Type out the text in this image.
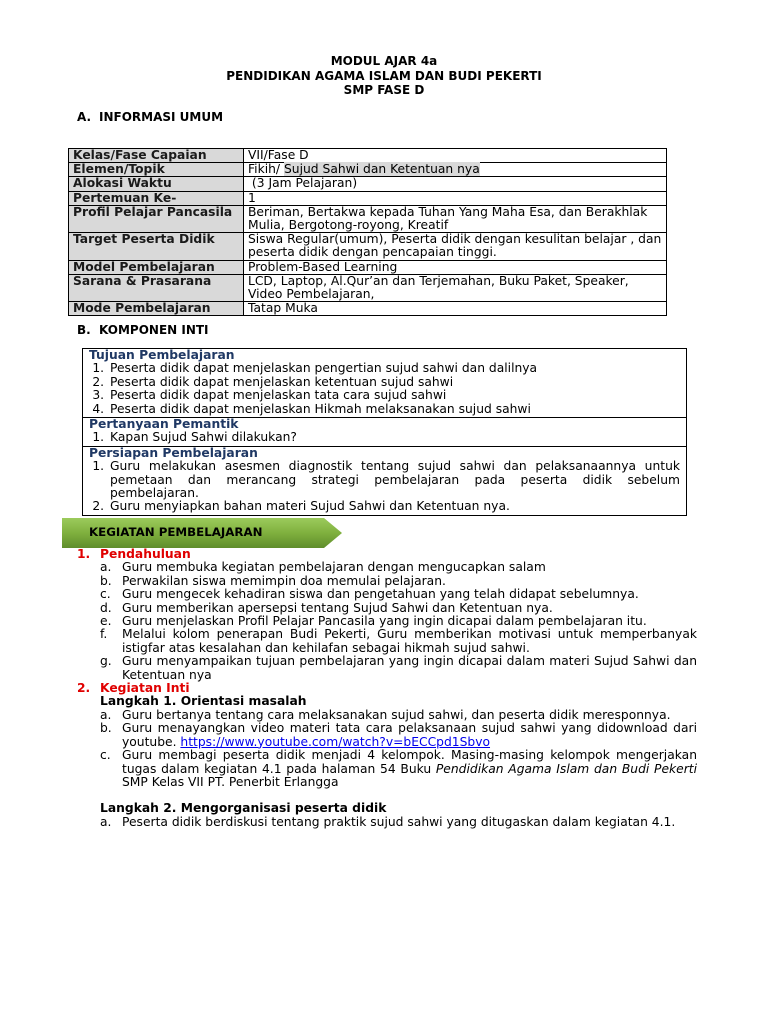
MODUL AJAR 4a
PENDIDIKAN AGAMA ISLAM DAN BUDI PEKERTI
SMP FASE D
A. INFORMASI UMUM
Kelas/Fase Capaian	VII/Fase D
Elemen/Topik	Fikih/ Sujud Sahwi dan Ketentuan nya
Alokasi Waktu	(3 Jam Pelajaran)
Pertemuan Ke-	1
Profil Pelajar Pancasila	Beriman, Bertakwa kepada Tuhan Yang Maha Esa, dan Berakhlak Mulia, Bergotong-royong, Kreatif
Target Peserta Didik	Siswa Regular(umum), Peserta didik dengan kesulitan belajar , dan peserta didik dengan pencapaian tinggi.
Model Pembelajaran	Problem-Based Learning
Sarana & Prasarana	LCD, Laptop, Al.Qur’an dan Terjemahan, Buku Paket, Speaker, Video Pembelajaran,
Mode Pembelajaran	Tatap Muka
B. KOMPONEN INTI
Tujuan Pembelajaran
1. Peserta didik dapat menjelaskan pengertian sujud sahwi dan dalilnya
2. Peserta didik dapat menjelaskan ketentuan sujud sahwi
3. Peserta didik dapat menjelaskan tata cara sujud sahwi
4. Peserta didik dapat menjelaskan Hikmah melaksanakan sujud sahwi
Pertanyaan Pemantik
1. Kapan Sujud Sahwi dilakukan?
Persiapan Pembelajaran
1. Guru melakukan asesmen diagnostik tentang sujud sahwi dan pelaksanaannya untuk pemetaan dan merancang strategi pembelajaran pada peserta didik sebelum pembelajaran.
2. Guru menyiapkan bahan materi Sujud Sahwi dan Ketentuan nya.
KEGIATAN PEMBELAJARAN
1. Pendahuluan
a. Guru membuka kegiatan pembelajaran dengan mengucapkan salam
b. Perwakilan siswa memimpin doa memulai pelajaran.
c. Guru mengecek kehadiran siswa dan pengetahuan yang telah didapat sebelumnya.
d. Guru memberikan apersepsi tentang Sujud Sahwi dan Ketentuan nya.
e. Guru menjelaskan Profil Pelajar Pancasila yang ingin dicapai dalam pembelajaran itu.
f. Melalui kolom penerapan Budi Pekerti, Guru memberikan motivasi untuk memperbanyak istigfar atas kesalahan dan kehilafan sebagai hikmah sujud sahwi.
g. Guru menyampaikan tujuan pembelajaran yang ingin dicapai dalam materi Sujud Sahwi dan Ketentuan nya
2. Kegiatan Inti
Langkah 1. Orientasi masalah
a. Guru bertanya tentang cara melaksanakan sujud sahwi, dan peserta didik meresponnya.
b. Guru menayangkan video materi tata cara pelaksanaan sujud sahwi yang didownload dari youtube. https://www.youtube.com/watch?v=bECCpd1Sbvo
c. Guru membagi peserta didik menjadi 4 kelompok. Masing-masing kelompok mengerjakan tugas dalam kegiatan 4.1 pada halaman 54 Buku Pendidikan Agama Islam dan Budi Pekerti SMP Kelas VII PT. Penerbit Erlangga
Langkah 2. Mengorganisasi peserta didik
a. Peserta didik berdiskusi tentang praktik sujud sahwi yang ditugaskan dalam kegiatan 4.1.
